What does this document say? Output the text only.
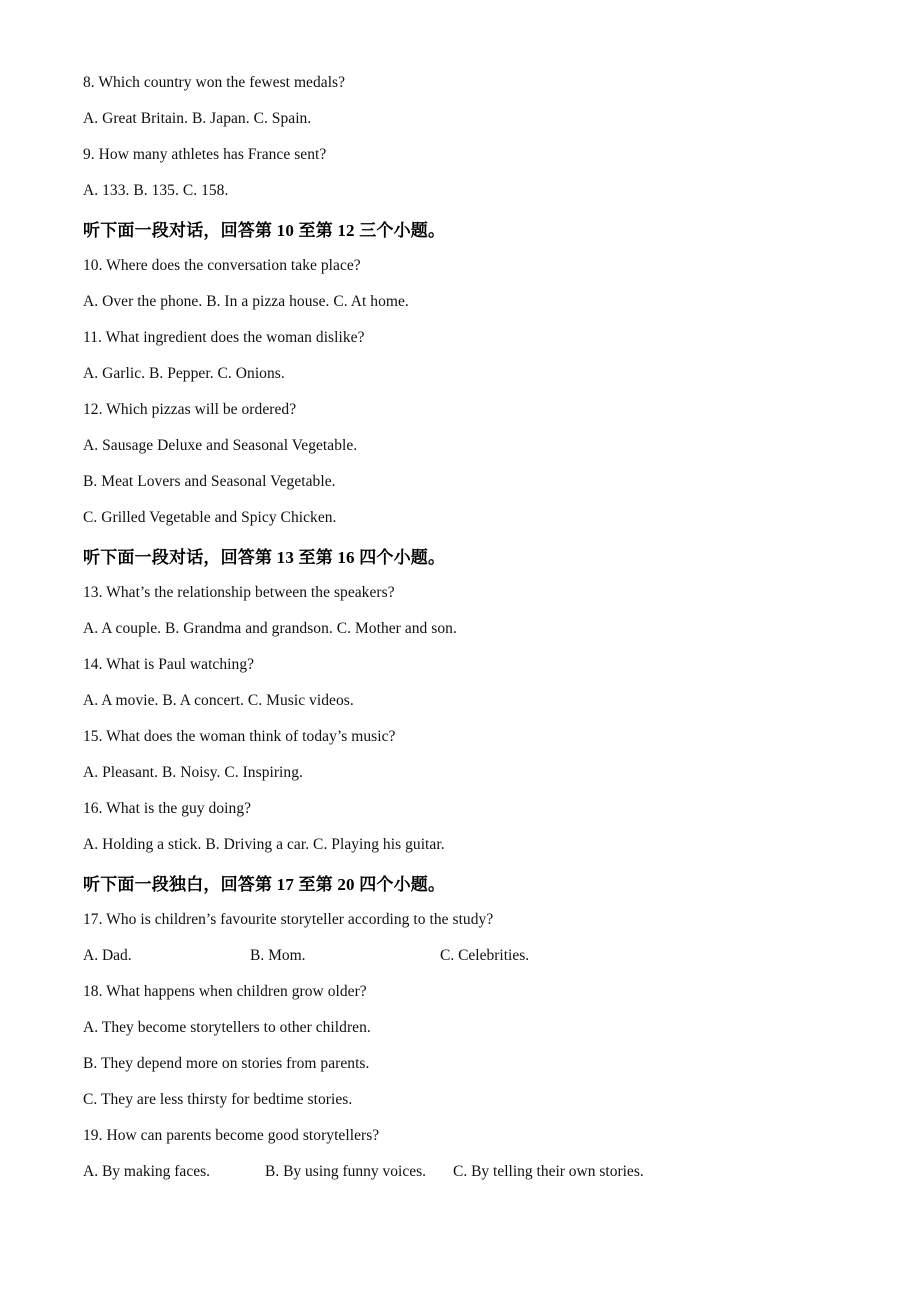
8. Which country won the fewest medals?

A. Great Britain. B. Japan. C. Spain.

9. How many athletes has France sent?

A. 133. B. 135. C. 158.

听下面一段对话，回答第 10 至第 12 三个小题。

10. Where does the conversation take place?

A. Over the phone. B. In a pizza house. C. At home.

11. What ingredient does the woman dislike?

A. Garlic. B. Pepper. C. Onions.

12. Which pizzas will be ordered?

A. Sausage Deluxe and Seasonal Vegetable.

B. Meat Lovers and Seasonal Vegetable.

C. Grilled Vegetable and Spicy Chicken.

听下面一段对话，回答第 13 至第 16 四个小题。

13. What’s the relationship between the speakers?

A. A couple. B. Grandma and grandson. C. Mother and son.

14. What is Paul watching?

A. A movie. B. A concert. C. Music videos.

15. What does the woman think of today’s music?

A. Pleasant. B. Noisy. C. Inspiring.

16. What is the guy doing?

A. Holding a stick. B. Driving a car. C. Playing his guitar.

听下面一段独白，回答第 17 至第 20 四个小题。

17. Who is children’s favourite storyteller according to the study?

A. Dad.	B. Mom.	C. Celebrities.

18. What happens when children grow older?

A. They become storytellers to other children.

B. They depend more on stories from parents.

C. They are less thirsty for bedtime stories.

19. How can parents become good storytellers?

A. By making faces.	B. By using funny voices. C. By telling their own stories.
